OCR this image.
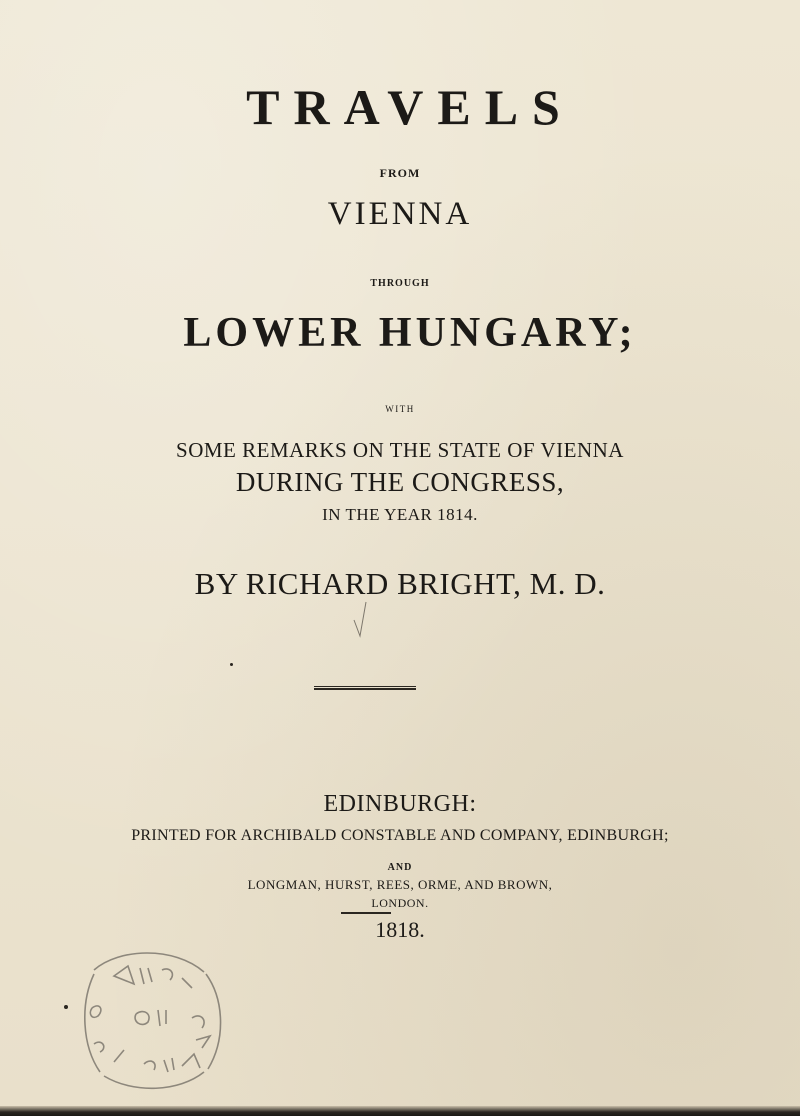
TRAVELS
FROM
VIENNA
THROUGH
LOWER HUNGARY;
WITH
SOME REMARKS ON THE STATE OF VIENNA
DURING THE CONGRESS,
IN THE YEAR 1814.
BY RICHARD BRIGHT, M. D.
EDINBURGH:
PRINTED FOR ARCHIBALD CONSTABLE AND COMPANY, EDINBURGH;
AND
LONGMAN, HURST, REES, ORME, AND BROWN,
LONDON.
1818.
